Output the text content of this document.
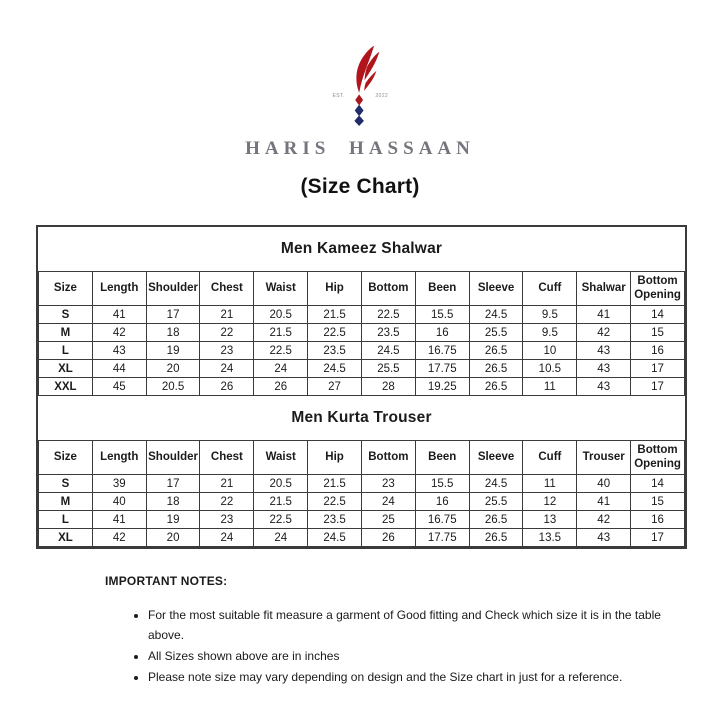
EST.	2022
HARIS HASSAAN
(Size Chart)
Men Kameez Shalwar											
Size	Length	Shoulder	Chest	Waist	Hip	Bottom	Been	Sleeve	Cuff	Shalwar	Bottom Opening
S	41	17	21	20.5	21.5	22.5	15.5	24.5	9.5	41	14
M	42	18	22	21.5	22.5	23.5	16	25.5	9.5	42	15
L	43	19	23	22.5	23.5	24.5	16.75	26.5	10	43	16
XL	44	20	24	24	24.5	25.5	17.75	26.5	10.5	43	17
XXL	45	20.5	26	26	27	28	19.25	26.5	11	43	17
Men Kurta Trouser											
Size	Length	Shoulder	Chest	Waist	Hip	Bottom	Been	Sleeve	Cuff	Trouser	Bottom Opening
S	39	17	21	20.5	21.5	23	15.5	24.5	11	40	14
M	40	18	22	21.5	22.5	24	16	25.5	12	41	15
L	41	19	23	22.5	23.5	25	16.75	26.5	13	42	16
XL	42	20	24	24	24.5	26	17.75	26.5	13.5	43	17
IMPORTANT NOTES:
• For the most suitable fit measure a garment of Good fitting and Check which size it is in the table above.
• All Sizes shown above are in inches
• Please note size may vary depending on design and the Size chart in just for a reference.
